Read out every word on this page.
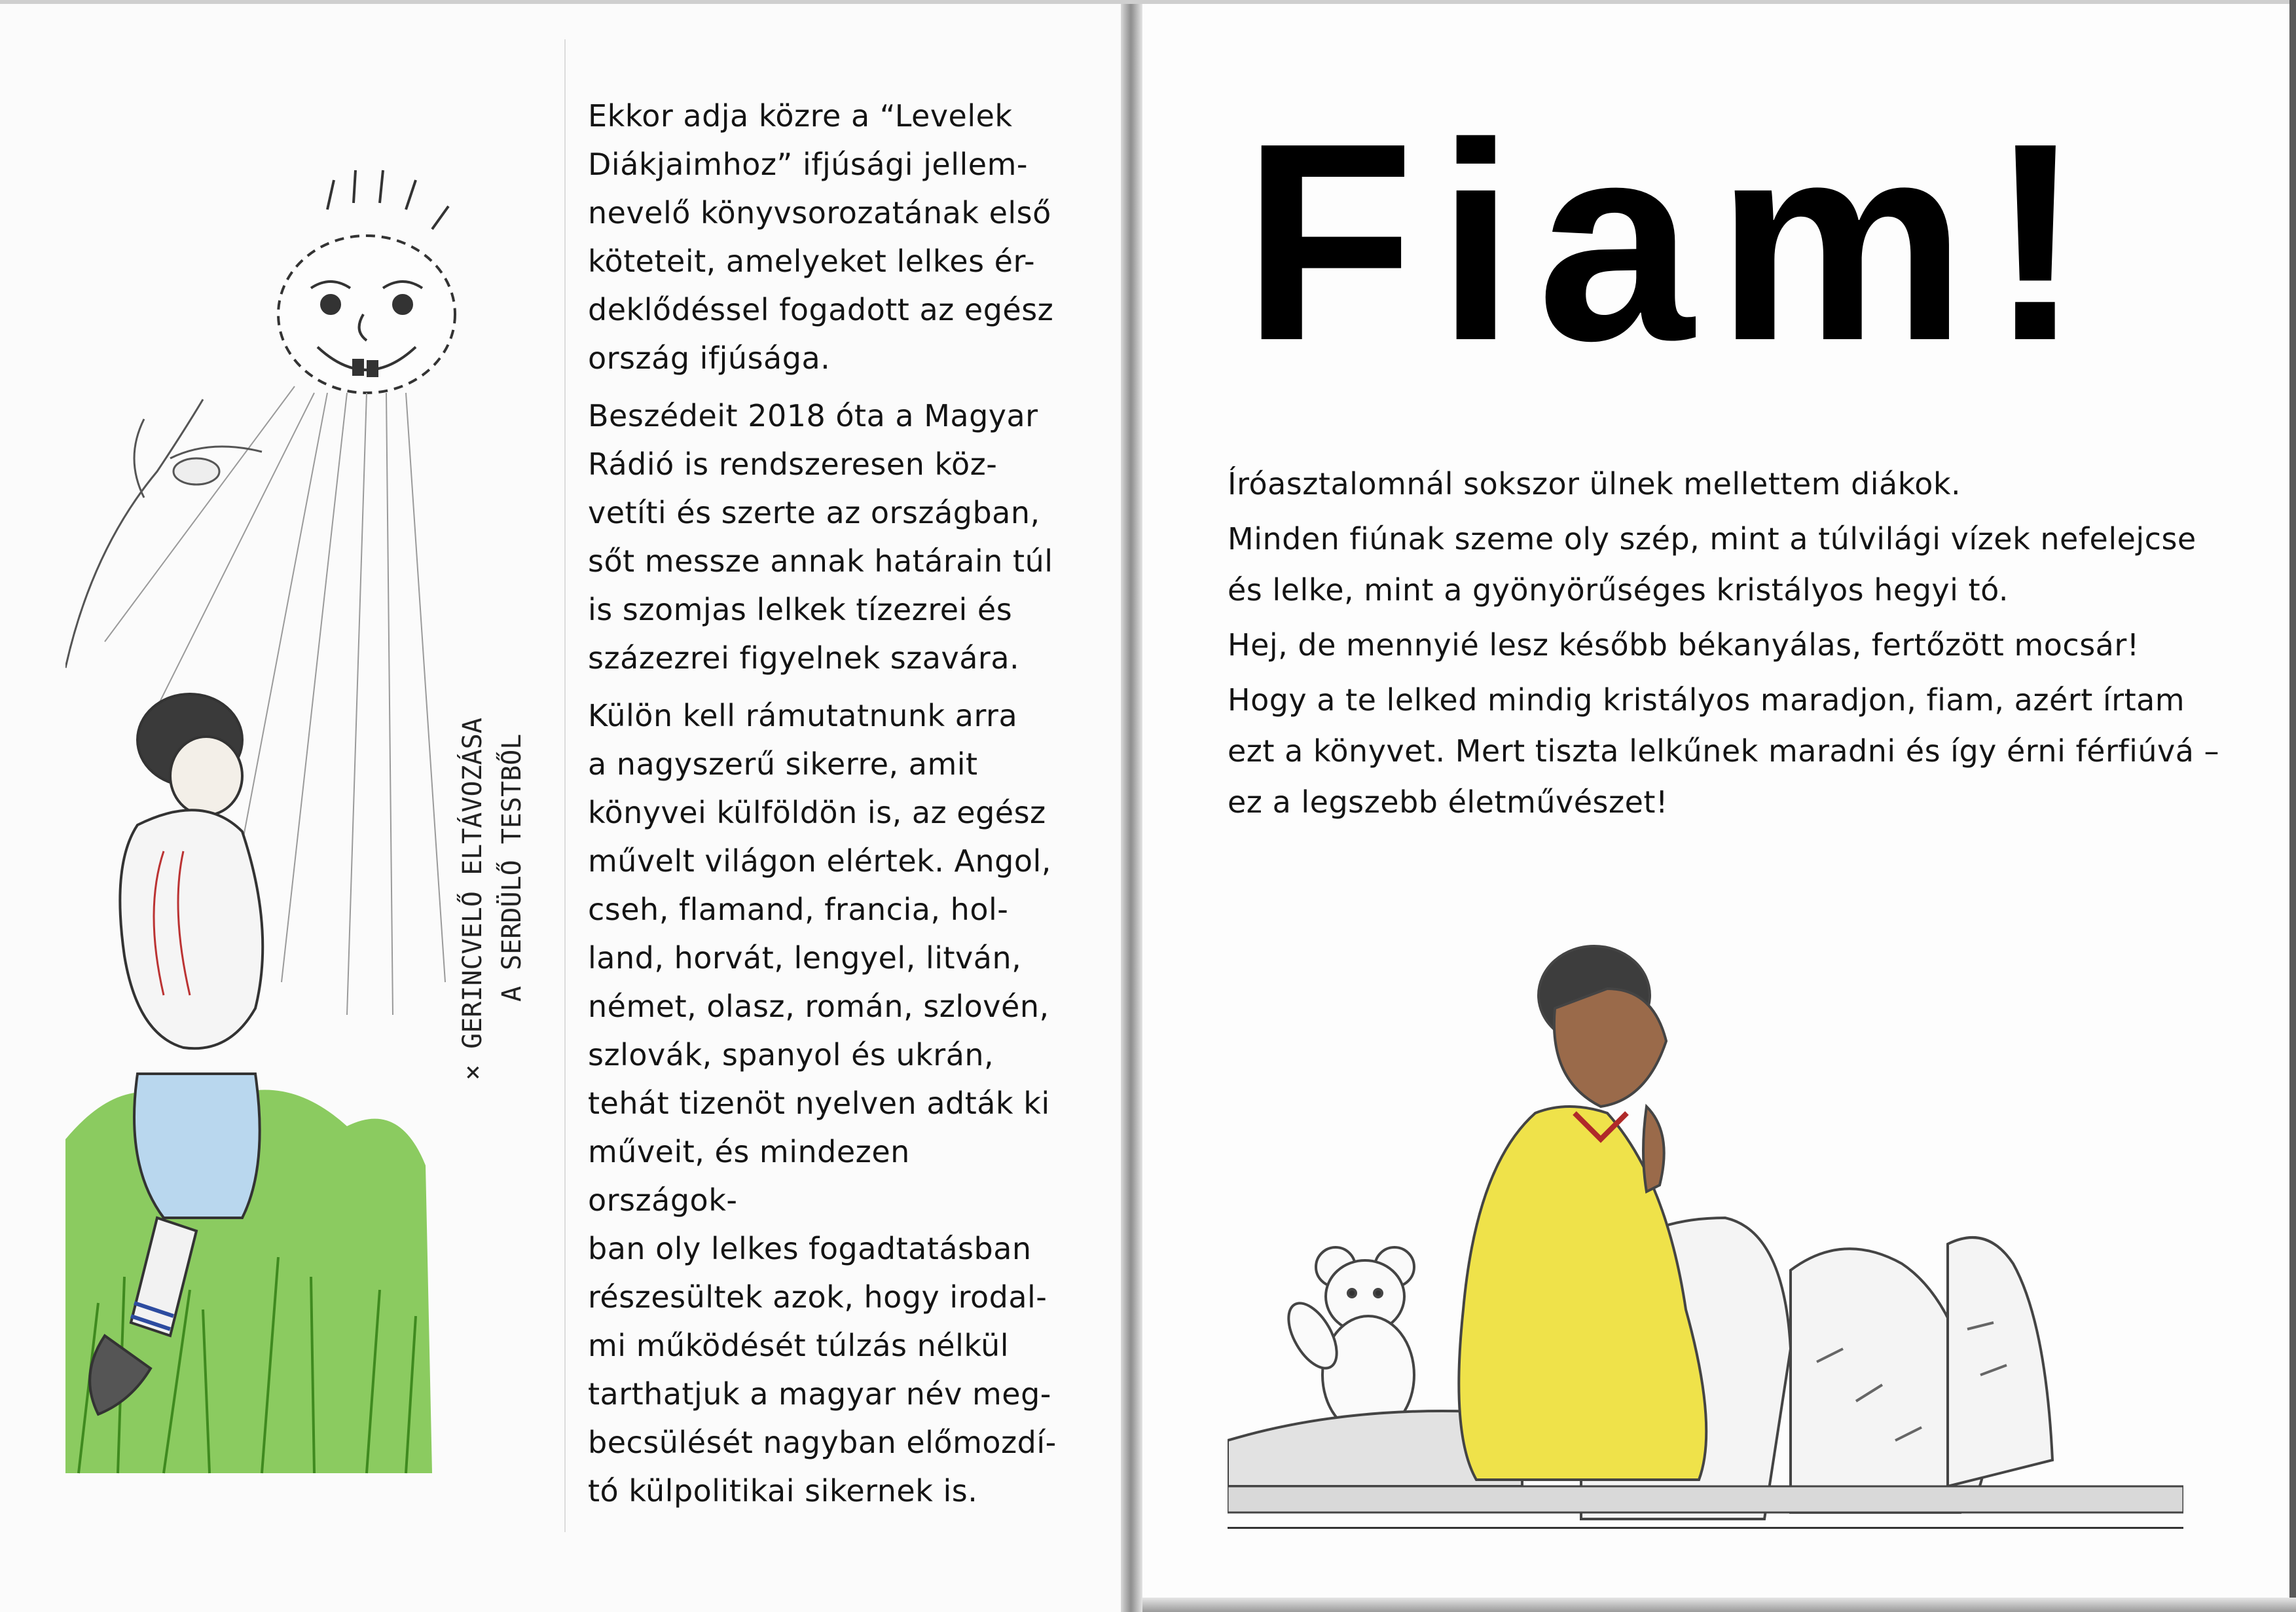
× GERINCVELŐ ELTÁVOZÁSA A SERDÜLŐ TESTBŐL

Ekkor adja közre a “Levelek
Diákjaimhoz” ifjúsági jellem-
nevelő könyvsorozatának első
köteteit, amelyeket lelkes ér-
deklődéssel fogadott az egész
ország ifjúsága.

Beszédeit 2018 óta a Magyar
Rádió is rendszeresen köz-
vetíti és szerte az országban,
sőt messze annak határain túl
is szomjas lelkek tízezrei és
százezrei figyelnek szavára.

Külön kell rámutatnunk arra
a nagyszerű sikerre, amit
könyvei külföldön is, az egész
művelt világon elértek. Angol,
cseh, flamand, francia, hol-
land, horvát, lengyel, litván,
német, olasz, román, szlovén,
szlovák, spanyol és ukrán,
tehát tizenöt nyelven adták ki
műveit, és mindezen országok-
ban oly lelkes fogadtatásban
részesültek azok, hogy irodal-
mi működését túlzás nélkül
tarthatjuk a magyar név meg-
becsülését nagyban előmozdí-
tó külpolitikai sikernek is.

Fiam!

Íróasztalomnál sokszor ülnek mellettem diákok.

Minden fiúnak szeme oly szép, mint a túlvilági vízek nefelejcse
és lelke, mint a gyönyörűséges kristályos hegyi tó.

Hej, de mennyié lesz később békanyálas, fertőzött mocsár!

Hogy a te lelked mindig kristályos maradjon, fiam, azért írtam
ezt a könyvet. Mert tiszta lelkűnek maradni és így érni férfiúvá –
ez a legszebb életművészet!
